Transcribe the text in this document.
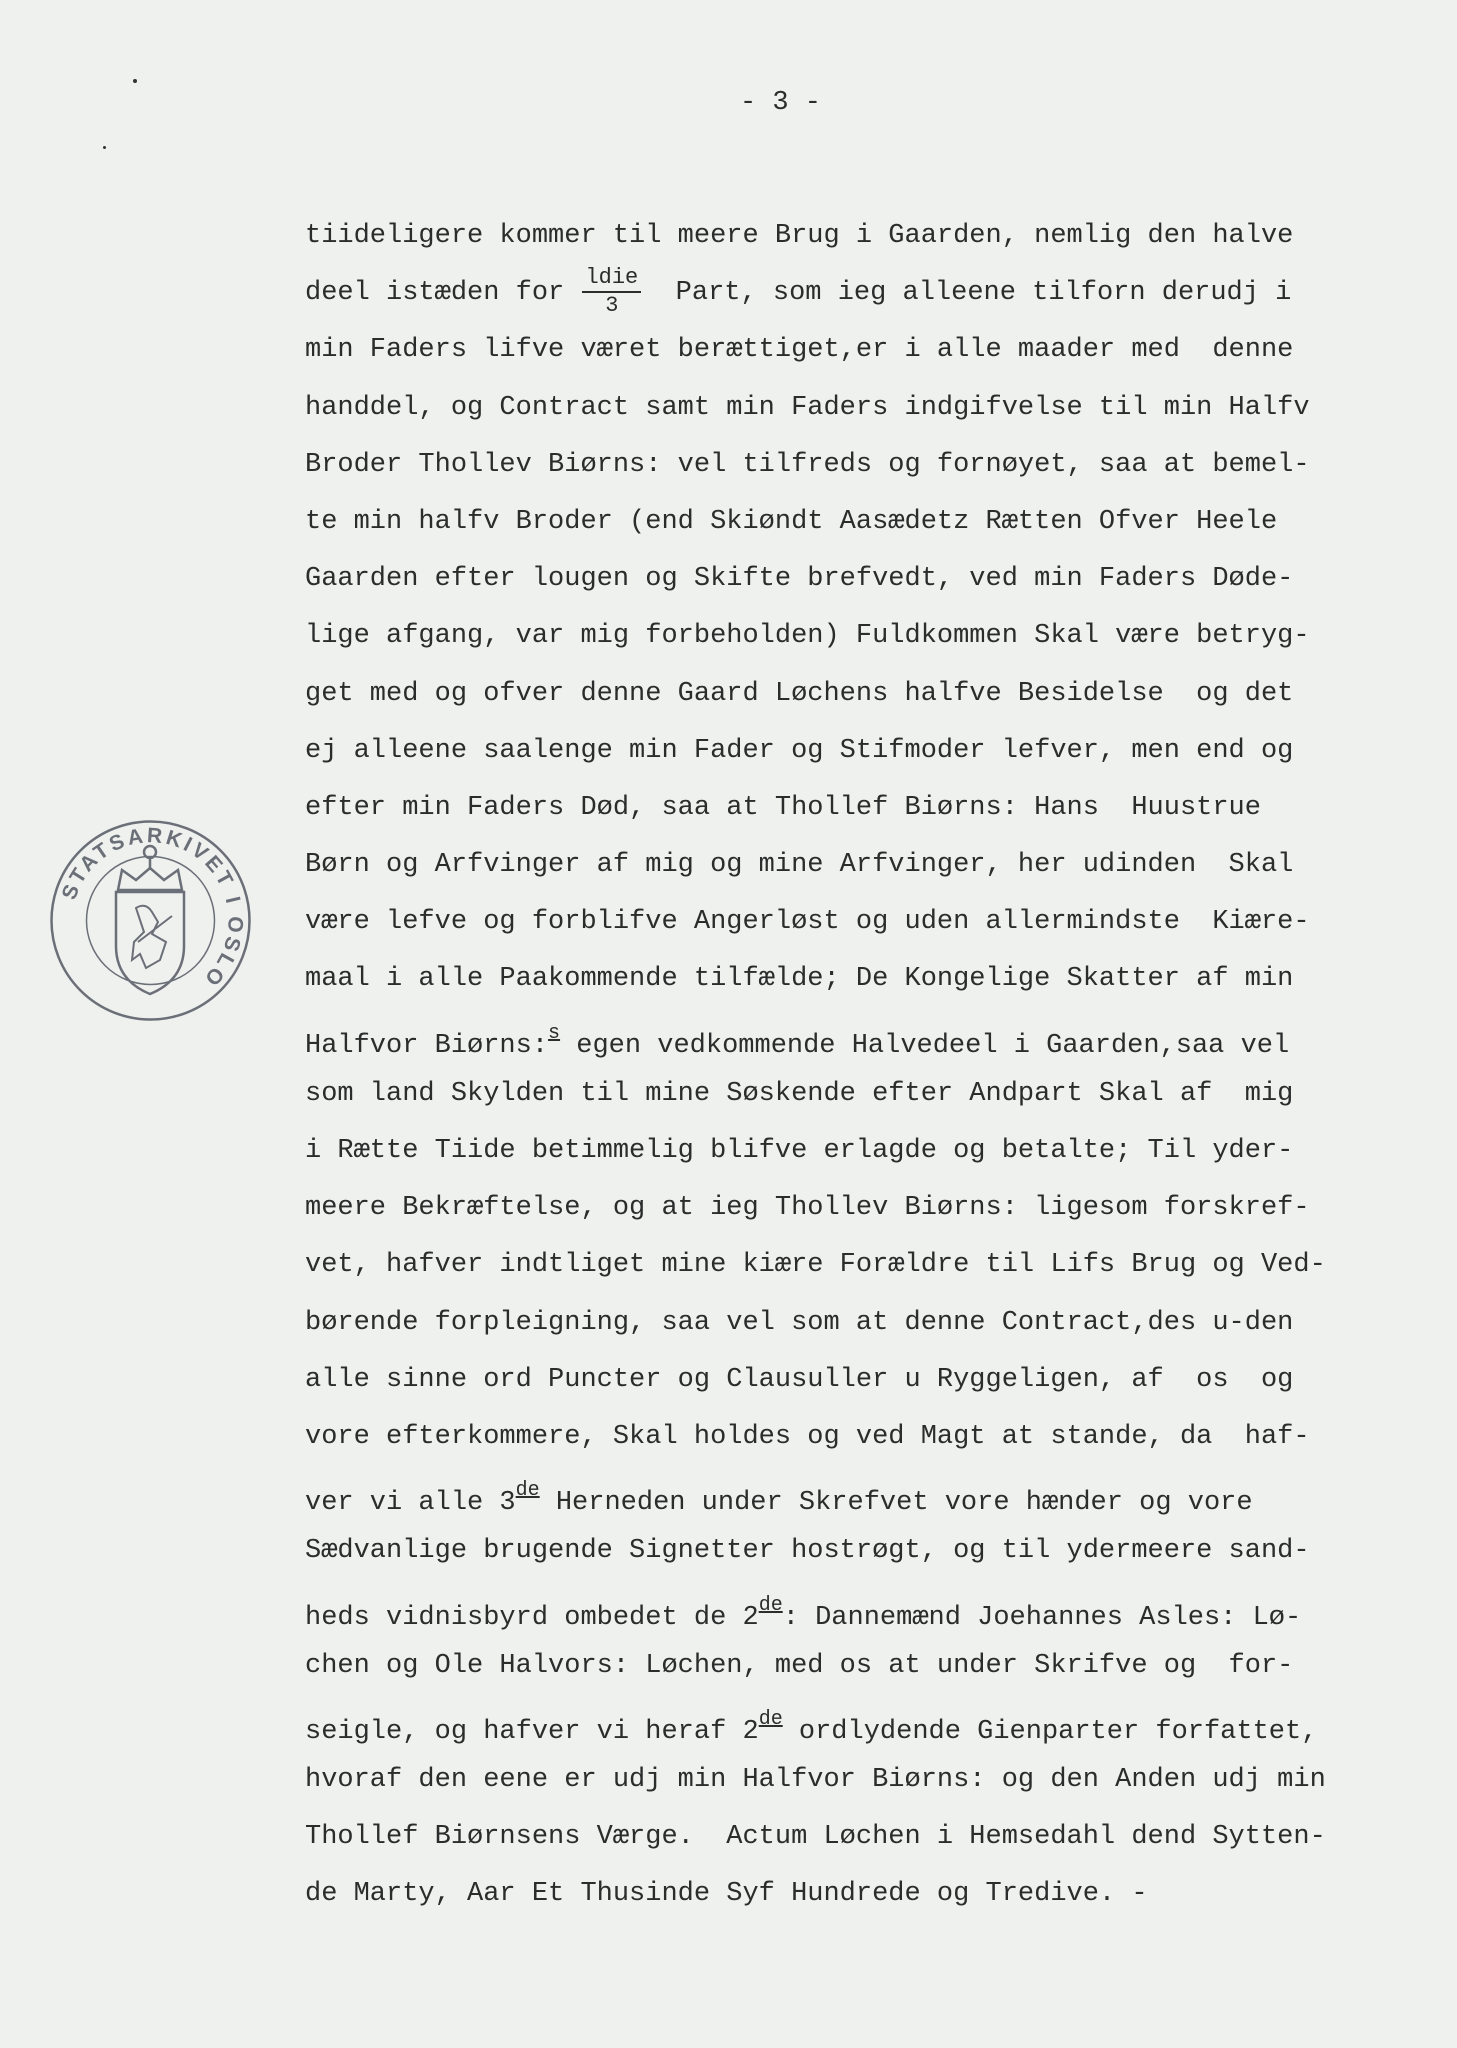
- 3 -
STATSARKIVET I OSLO
tiideligere kommer til meere Brug i Gaarden, nemlig den halve
deel istæden for $\frac{\text{ldie}}{3}$ Part, som ieg alleene tilforn derudj i
min Faders lifve været berættiget,er i alle maader med  denne
handdel, og Contract samt min Faders indgifvelse til min Halfv
Broder Thollev Biørns: vel tilfreds og fornøyet, saa at bemel-
te min halfv Broder (end Skiøndt Aasædetz Rætten Ofver Heele
Gaarden efter lougen og Skifte brefvedt, ved min Faders Døde-
lige afgang, var mig forbeholden) Fuldkommen Skal være betryg-
get med og ofver denne Gaard Løchens halfve Besidelse  og det
ej alleene saalenge min Fader og Stifmoder lefver, men end og
efter min Faders Død, saa at Thollef Biørns: Hans  Huustrue
Børn og Arfvinger af mig og mine Arfvinger, her udinden  Skal
være lefve og forblifve Angerløst og uden allermindste  Kiære-
maal i alle Paakommende tilfælde; De Kongelige Skatter af min
Halfvor Biørns:$^s$ egen vedkommende Halvedeel i Gaarden,saa vel
som land Skylden til mine Søskende efter Andpart Skal af  mig
i Rætte Tiide betimmelig blifve erlagde og betalte; Til yder-
meere Bekræftelse, og at ieg Thollev Biørns: ligesom forskref-
vet, hafver indtliget mine kiære Forældre til Lifs Brug og Ved-
børende forpleigning, saa vel som at denne Contract,des u-den
alle sinne ord Puncter og Clausuller u Ryggeligen, af  os  og
vore efterkommere, Skal holdes og ved Magt at stande, da  haf-
ver vi alle 3de Herneden under Skrefvet vore hænder og vore
Sædvanlige brugende Signetter hostrøgt, og til ydermeere sand-
heds vidnisbyrd ombedet de 2de: Dannemænd Joehannes Asles: Lø-
chen og Ole Halvors: Løchen, med os at under Skrifve og  for-
seigle, og hafver vi heraf 2de ordlydende Gienparter forfattet,
hvoraf den eene er udj min Halfvor Biørns: og den Anden udj min
Thollef Biørnsens Værge.  Actum Løchen i Hemsedahl dend Sytten-
de Marty, Aar Et Thusinde Syf Hundrede og Tredive. -
